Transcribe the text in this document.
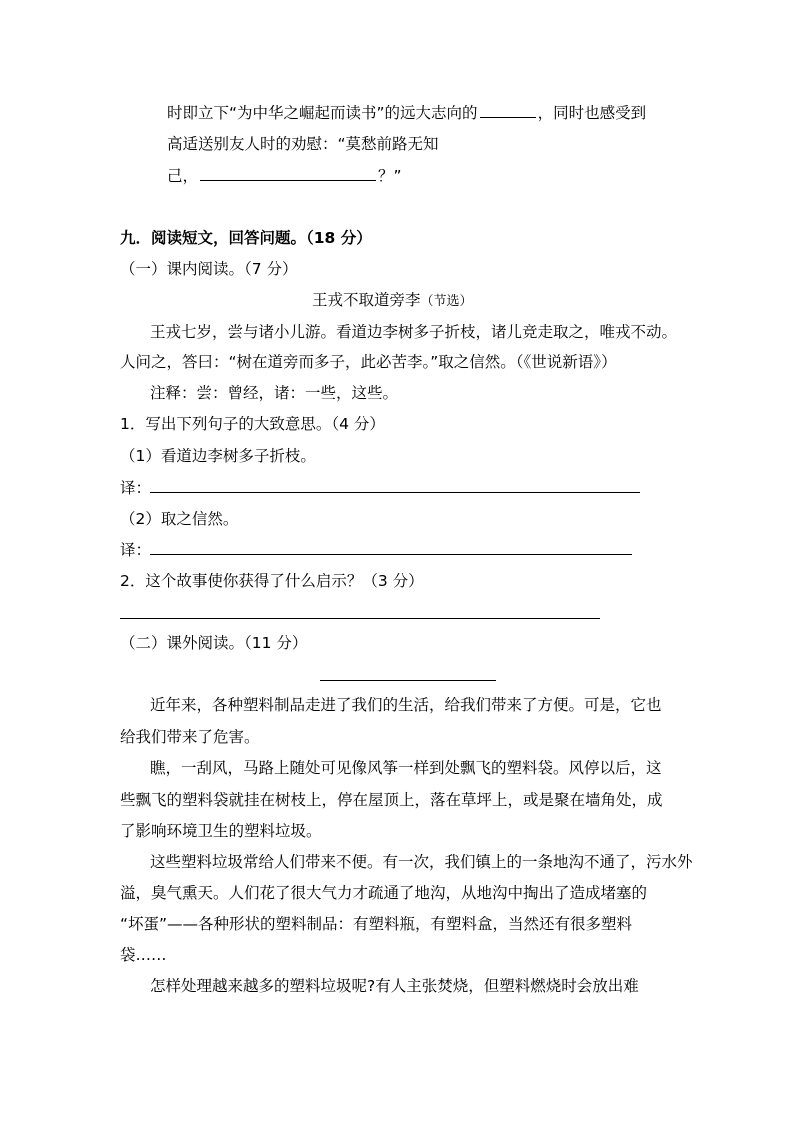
时即立下“为中华之崛起而读书”的远大志向的	，同时也感受到
高适送别友人时的劝慰：“莫愁前路无知
己，	？”
九．阅读短文，回答问题。（18 分）
（一）课内阅读。（7 分）
王戎不取道旁李（节选）
王戎七岁，尝与诸小儿游。看道边李树多子折枝，诸儿竞走取之，唯戎不动。
人问之，答曰：“树在道旁而多子，此必苦李。”取之信然。（《世说新语》）
注释：尝：曾经，诸：一些，这些。
1．写出下列句子的大致意思。（4 分）
（1）看道边李树多子折枝。
译：
（2）取之信然。
译：
2．这个故事使你获得了什么启示？（3 分）
（二）课外阅读。（11 分）
近年来，各种塑料制品走进了我们的生活，给我们带来了方便。可是，它也
给我们带来了危害。
瞧，一刮风，马路上随处可见像风筝一样到处飘飞的塑料袋。风停以后，这
些飘飞的塑料袋就挂在树枝上，停在屋顶上，落在草坪上，或是聚在墙角处，成
了影响环境卫生的塑料垃圾。
这些塑料垃圾常给人们带来不便。有一次，我们镇上的一条地沟不通了，污水外
溢，臭气熏天。人们花了很大气力才疏通了地沟，从地沟中掏出了造成堵塞的
“坏蛋”——各种形状的塑料制品：有塑料瓶，有塑料盒，当然还有很多塑料
袋……
怎样处理越来越多的塑料垃圾呢?有人主张焚烧，但塑料燃烧时会放出难
